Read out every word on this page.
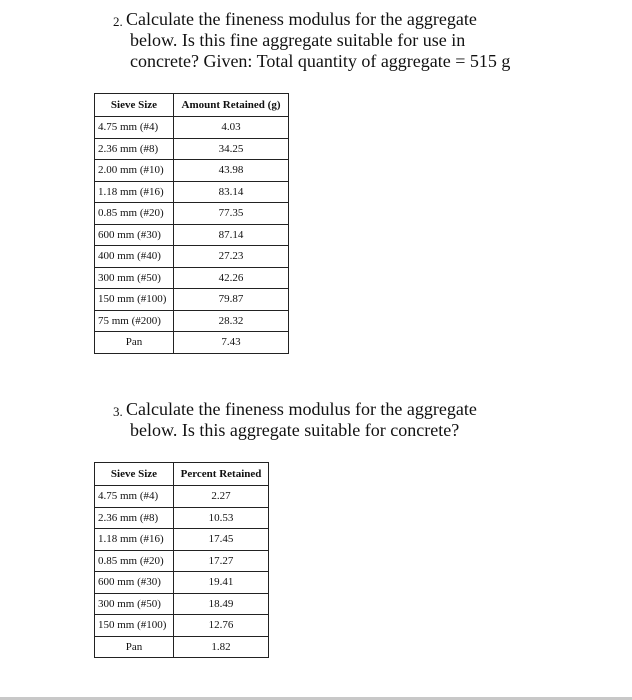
2. Calculate the fineness modulus for the aggregate
below. Is this fine aggregate suitable for use in
concrete? Given: Total quantity of aggregate = 515 g
Sieve Size	Amount Retained (g)
4.75 mm (#4)	4.03
2.36 mm (#8)	34.25
2.00 mm (#10)	43.98
1.18 mm (#16)	83.14
0.85 mm (#20)	77.35
600 mm (#30)	87.14
400 mm (#40)	27.23
300 mm (#50)	42.26
150 mm (#100)	79.87
75 mm (#200)	28.32
Pan	7.43
3. Calculate the fineness modulus for the aggregate
below. Is this aggregate suitable for concrete?
Sieve Size	Percent Retained
4.75 mm (#4)	2.27
2.36 mm (#8)	10.53
1.18 mm (#16)	17.45
0.85 mm (#20)	17.27
600 mm (#30)	19.41
300 mm (#50)	18.49
150 mm (#100)	12.76
Pan	1.82
